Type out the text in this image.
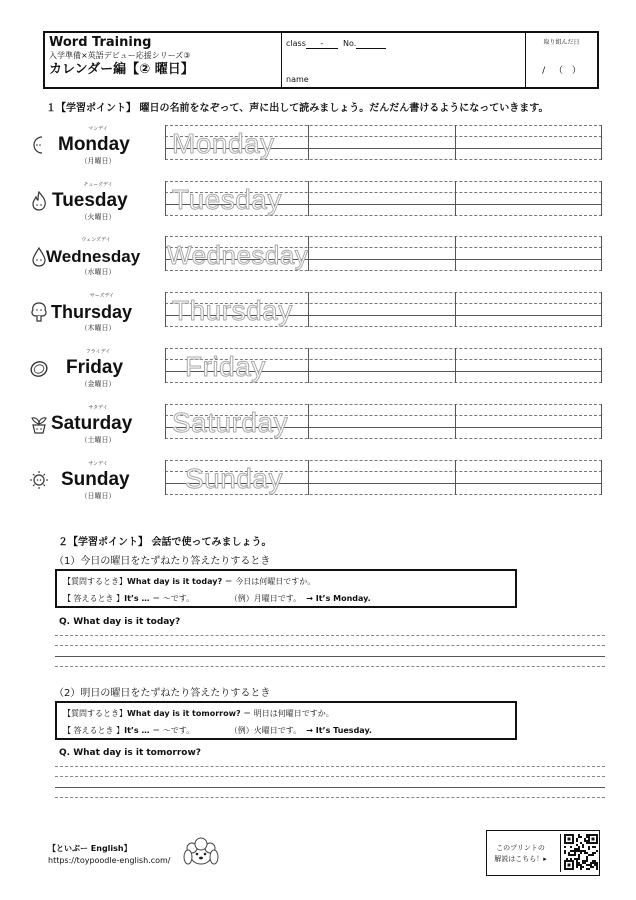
Word Training
入学準備×英語デビュー応援シリーズ③
カレンダー編【② 曜日】
class - No.
name
取り組んだ日
/ （ ）
１【学習ポイント】 曜日の名前をなぞって、声に出して読みましょう。だんだん書けるようになっていきます。
マンデイ
Monday
（月曜日）
Monday
チューズデイ
Tuesday
（火曜日）
Tuesday
ウェンズデイ
Wednesday
（水曜日）
Wednesday
サーズデイ
Thursday
（木曜日）
Thursday
フライデイ
Friday
（金曜日）
Friday
サタデイ
Saturday
（土曜日）
Saturday
サンデイ
Sunday
（日曜日）
Sunday
２【学習ポイント】 会話で使ってみましょう。
（1）今日の曜日をたずねたり答えたりするとき
【質問するとき】What day is it today? ＝ 今日は何曜日ですか。
【 答えるとき 】It’s … ＝ ～です。	（例）月曜日です。 → It’s Monday.
Q. What day is it today?
（2）明日の曜日をたずねたり答えたりするとき
【質問するとき】What day is it tomorrow? ＝ 明日は何曜日ですか。
【 答えるとき 】It’s … ＝ ～です。	（例）火曜日です。 → It’s Tuesday.
Q. What day is it tomorrow?
【といぷー English】
https://toypoodle-english.com/
このプリントの
解説はこちら！▸
